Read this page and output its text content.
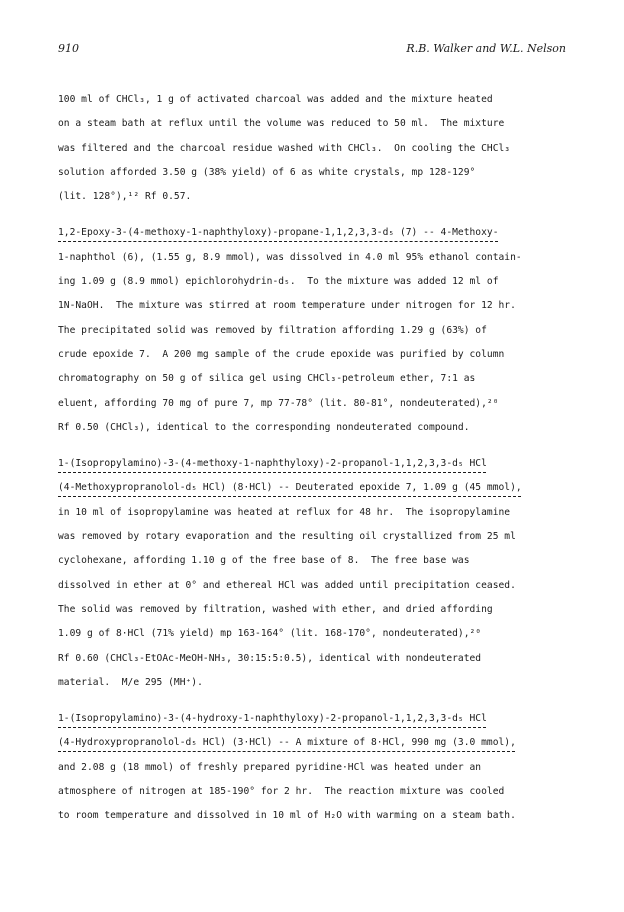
910	R.B. Walker and W.L. Nelson
100 ml of CHCl₃, 1 g of activated charcoal was added and the mixture heated
on a steam bath at reflux until the volume was reduced to 50 ml.  The mixture
was filtered and the charcoal residue washed with CHCl₃.  On cooling the CHCl₃
solution afforded 3.50 g (38% yield) of 6 as white crystals, mp 128-129°
(lit. 128°),¹² Rf 0.57.
1,2-Epoxy-3-(4-methoxy-1-naphthyloxy)-propane-1,1,2,3,3-d₅ (7) -- 4-Methoxy-
1-naphthol (6), (1.55 g, 8.9 mmol), was dissolved in 4.0 ml 95% ethanol contain-
ing 1.09 g (8.9 mmol) epichlorohydrin-d₅.  To the mixture was added 12 ml of
1N-NaOH.  The mixture was stirred at room temperature under nitrogen for 12 hr.
The precipitated solid was removed by filtration affording 1.29 g (63%) of
crude epoxide 7.  A 200 mg sample of the crude epoxide was purified by column
chromatography on 50 g of silica gel using CHCl₃-petroleum ether, 7:1 as
eluent, affording 70 mg of pure 7, mp 77-78° (lit. 80-81°, nondeuterated),²⁰
Rf 0.50 (CHCl₃), identical to the corresponding nondeuterated compound.
1-(Isopropylamino)-3-(4-methoxy-1-naphthyloxy)-2-propanol-1,1,2,3,3-d₅ HCl
(4-Methoxypropranolol-d₅ HCl) (8·HCl) -- Deuterated epoxide 7, 1.09 g (45 mmol),
in 10 ml of isopropylamine was heated at reflux for 48 hr.  The isopropylamine
was removed by rotary evaporation and the resulting oil crystallized from 25 ml
cyclohexane, affording 1.10 g of the free base of 8.  The free base was
dissolved in ether at 0° and ethereal HCl was added until precipitation ceased.
The solid was removed by filtration, washed with ether, and dried affording
1.09 g of 8·HCl (71% yield) mp 163-164° (lit. 168-170°, nondeuterated),²⁰
Rf 0.60 (CHCl₃-EtOAc-MeOH-NH₃, 30:15:5:0.5), identical with nondeuterated
material.  M/e 295 (MH⁺).
1-(Isopropylamino)-3-(4-hydroxy-1-naphthyloxy)-2-propanol-1,1,2,3,3-d₅ HCl
(4-Hydroxypropranolol-d₅ HCl) (3·HCl) -- A mixture of 8·HCl, 990 mg (3.0 mmol),
and 2.08 g (18 mmol) of freshly prepared pyridine·HCl was heated under an
atmosphere of nitrogen at 185-190° for 2 hr.  The reaction mixture was cooled
to room temperature and dissolved in 10 ml of H₂O with warming on a steam bath.
